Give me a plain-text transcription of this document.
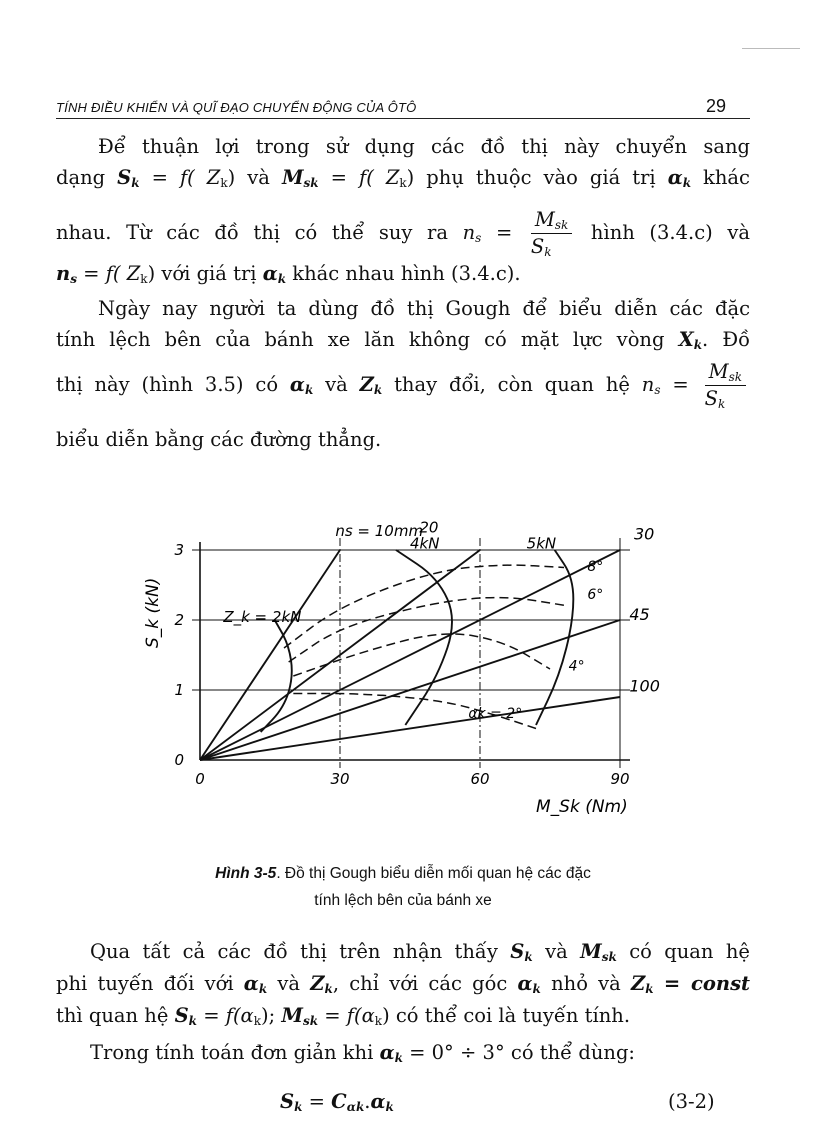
TÍNH ĐIỀU KHIỂN VÀ QUĨ ĐẠO CHUYỂN ĐỘNG CỦA ÔTÔ	29

Để thuận lợi trong sử dụng các đồ thị này chuyển sang

dạng $S_k = f$( $Z_k$) và $M_{sk} = f$( $Z_k$) phụ thuộc vào giá trị $\alpha_k$ khác

nhau. Từ các đồ thị có thể suy ra $n_s = \frac{M_{sk}}{S_k}$ hình (3.4.c) và

$n_s = f$( $Z_k$) với giá trị $\alpha_k$ khác nhau hình (3.4.c).

Ngày nay người ta dùng đồ thị Gough để biểu diễn các đặc

tính lệch bên của bánh xe lăn không có mặt lực vòng $X_k$. Đồ

thị này (hình 3.5) có $\alpha_k$ và $Z_k$ thay đổi, còn quan hệ $n_s = \frac{M_{sk}}{S_k}$

biểu diễn bằng các đường thẳng.

0	30	60	90
0
1
2
3
M_Sk (Nm)
S_k (kN)
ns = 10mm
20	30
4kN	5kN
8°
6°
45
Z_k = 2kN
4°
100
αk = 2°
Hình 3-5. Đồ thị Gough biểu diễn mối quan hệ các đặc
tính lệch bên của bánh xe

Qua tất cả các đồ thị trên nhận thấy $S_k$ và $M_{sk}$ có quan hệ

phi tuyến đối với $\alpha_k$ và $Z_k$, chỉ với các góc $\alpha_k$ nhỏ và $Z_k$ = const

thì quan hệ $S_k = f(\alpha_k)$; $M_{sk} = f(\alpha_k)$ có thể coi là tuyến tính.

Trong tính toán đơn giản khi $\alpha_k = 0^\circ \div 3^\circ$ có thể dùng:

$S_k = C_{\alpha k}.\alpha_k$	(3-2)
